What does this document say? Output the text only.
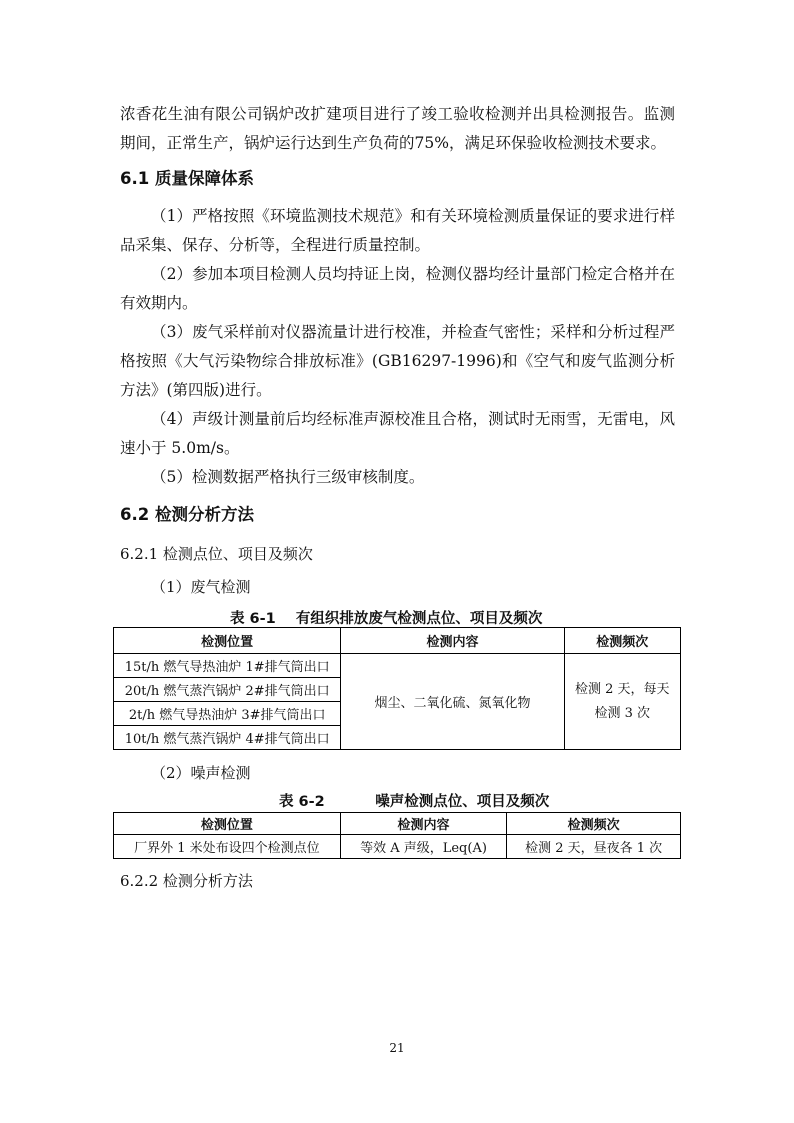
浓香花生油有限公司锅炉改扩建项目进行了竣工验收检测并出具检测报告。监测期间，正常生产，锅炉运行达到生产负荷的75%，满足环保验收检测技术要求。

6.1 质量保障体系

（1）严格按照《环境监测技术规范》和有关环境检测质量保证的要求进行样品采集、保存、分析等，全程进行质量控制。

（2）参加本项目检测人员均持证上岗，检测仪器均经计量部门检定合格并在有效期内。

（3）废气采样前对仪器流量计进行校准，并检查气密性；采样和分析过程严格按照《大气污染物综合排放标准》(GB16297-1996)和《空气和废气监测分析方法》(第四版)进行。

（4）声级计测量前后均经标准声源校准且合格，测试时无雨雪，无雷电，风速小于 5.0m/s。

（5）检测数据严格执行三级审核制度。

6.2 检测分析方法

6.2.1 检测点位、项目及频次

（1）废气检测

表 6-1    有组织排放废气检测点位、项目及频次

检测位置	检测内容	检测频次
15t/h 燃气导热油炉 1#排气筒出口	烟尘、二氧化硫、氮氧化物	检测 2 天，每天
检测 3 次
20t/h 燃气蒸汽锅炉 2#排气筒出口		
2t/h 燃气导热油炉 3#排气筒出口		
10t/h 燃气蒸汽锅炉 4#排气筒出口		

（2）噪声检测

表 6-2          噪声检测点位、项目及频次

检测位置	检测内容	检测频次
厂界外 1 米处布设四个检测点位	等效 A 声级，Leq(A)	检测 2 天，昼夜各 1 次

6.2.2 检测分析方法

21
